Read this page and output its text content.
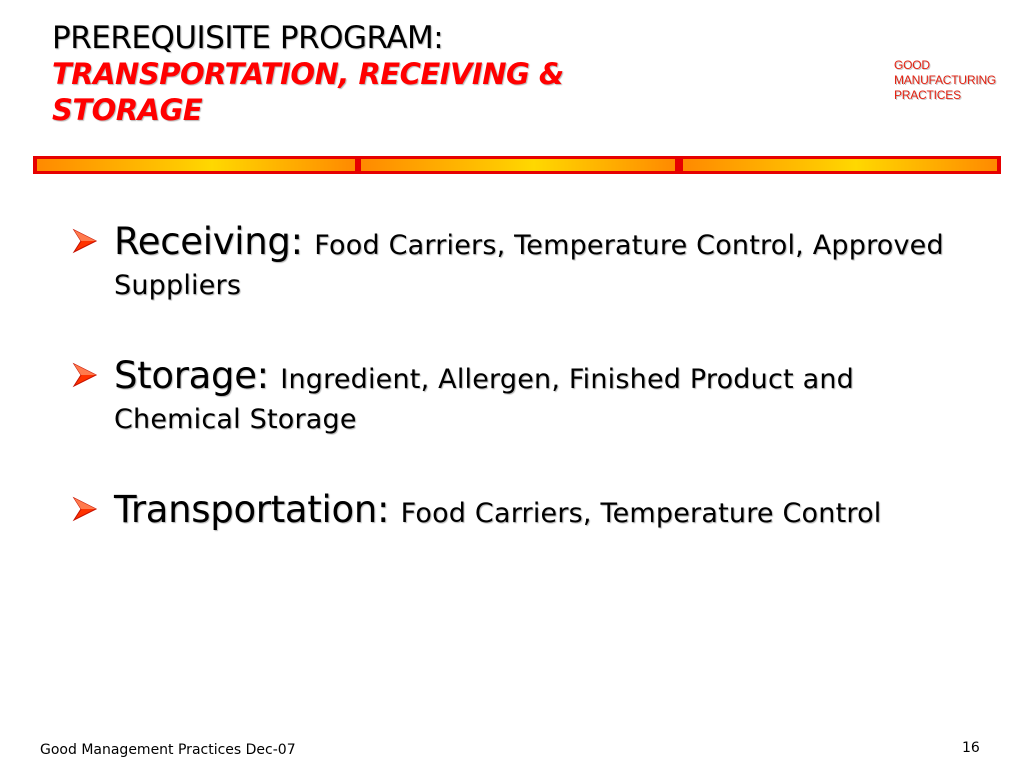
PREREQUISITE PROGRAM:
TRANSPORTATION, RECEIVING & STORAGE
GOOD
MANUFACTURING
PRACTICES
Receiving: Food Carriers, Temperature Control, Approved Suppliers
Storage: Ingredient, Allergen, Finished Product and Chemical Storage
Transportation: Food Carriers, Temperature Control
Good Management Practices Dec-07	16
